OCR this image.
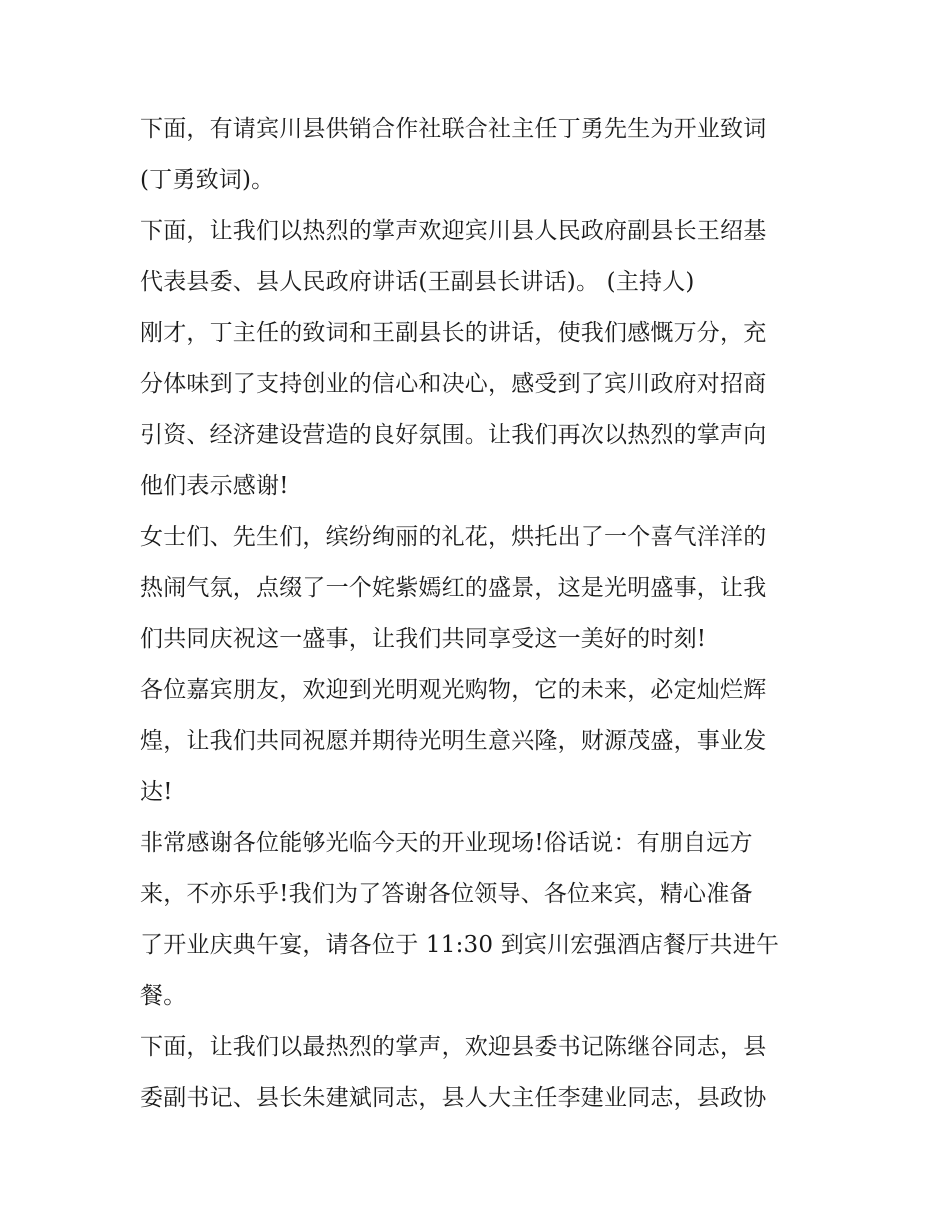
下面，有请宾川县供销合作社联合社主任丁勇先生为开业致词
(丁勇致词)。
下面，让我们以热烈的掌声欢迎宾川县人民政府副县长王绍基
代表县委、县人民政府讲话(王副县长讲话)。 (主持人)
刚才，丁主任的致词和王副县长的讲话，使我们感慨万分，充
分体味到了支持创业的信心和决心，感受到了宾川政府对招商
引资、经济建设营造的良好氛围。让我们再次以热烈的掌声向
他们表示感谢!
女士们、先生们，缤纷绚丽的礼花，烘托出了一个喜气洋洋的
热闹气氛，点缀了一个姹紫嫣红的盛景，这是光明盛事，让我
们共同庆祝这一盛事，让我们共同享受这一美好的时刻!
各位嘉宾朋友，欢迎到光明观光购物，它的未来，必定灿烂辉
煌，让我们共同祝愿并期待光明生意兴隆，财源茂盛，事业发
达!
非常感谢各位能够光临今天的开业现场!俗话说：有朋自远方
来，不亦乐乎!我们为了答谢各位领导、各位来宾，精心准备
了开业庆典午宴，请各位于 11:30 到宾川宏强酒店餐厅共进午
餐。
下面，让我们以最热烈的掌声，欢迎县委书记陈继谷同志，县
委副书记、县长朱建斌同志，县人大主任李建业同志，县政协
